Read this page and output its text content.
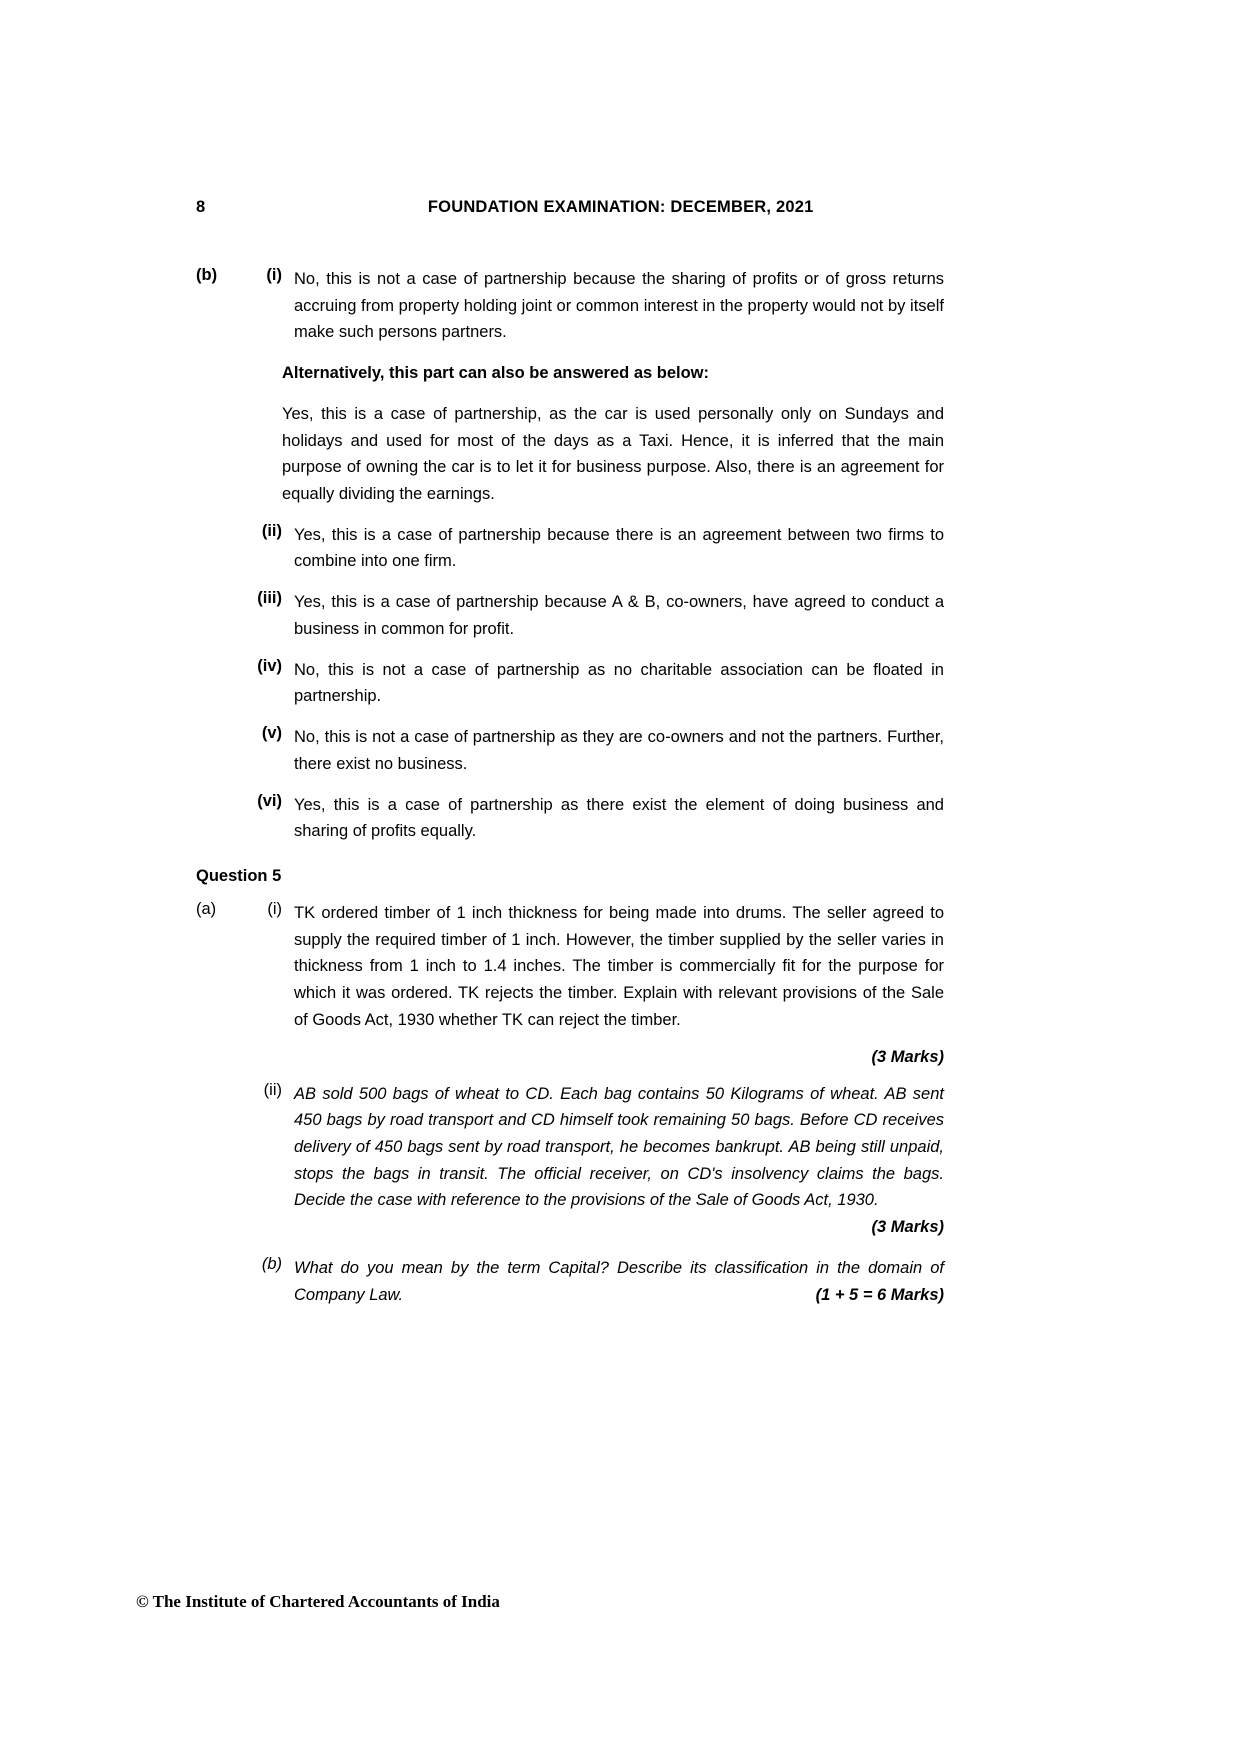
8	FOUNDATION EXAMINATION: DECEMBER, 2021
(b)	(i) No, this is not a case of partnership because the sharing of profits or of gross returns accruing from property holding joint or common interest in the property would not by itself make such persons partners.
Alternatively, this part can also be answered as below:
Yes, this is a case of partnership, as the car is used personally only on Sundays and holidays and used for most of the days as a Taxi. Hence, it is inferred that the main purpose of owning the car is to let it for business purpose. Also, there is an agreement for equally dividing the earnings.
(ii) Yes, this is a case of partnership because there is an agreement between two firms to combine into one firm.
(iii) Yes, this is a case of partnership because A & B, co-owners, have agreed to conduct a business in common for profit.
(iv) No, this is not a case of partnership as no charitable association can be floated in partnership.
(v) No, this is not a case of partnership as they are co-owners and not the partners. Further, there exist no business.
(vi) Yes, this is a case of partnership as there exist the element of doing business and sharing of profits equally.
Question 5
(a)	(i) TK ordered timber of 1 inch thickness for being made into drums. The seller agreed to supply the required timber of 1 inch. However, the timber supplied by the seller varies in thickness from 1 inch to 1.4 inches. The timber is commercially fit for the purpose for which it was ordered. TK rejects the timber. Explain with relevant provisions of the Sale of Goods Act, 1930 whether TK can reject the timber.
(3 Marks)
(ii) AB sold 500 bags of wheat to CD. Each bag contains 50 Kilograms of wheat. AB sent 450 bags by road transport and CD himself took remaining 50 bags. Before CD receives delivery of 450 bags sent by road transport, he becomes bankrupt. AB being still unpaid, stops the bags in transit. The official receiver, on CD's insolvency claims the bags. Decide the case with reference to the provisions of the Sale of Goods Act, 1930.
(3 Marks)
(b) What do you mean by the term Capital? Describe its classification in the domain of Company Law.	(1 + 5 = 6 Marks)
© The Institute of Chartered Accountants of India
